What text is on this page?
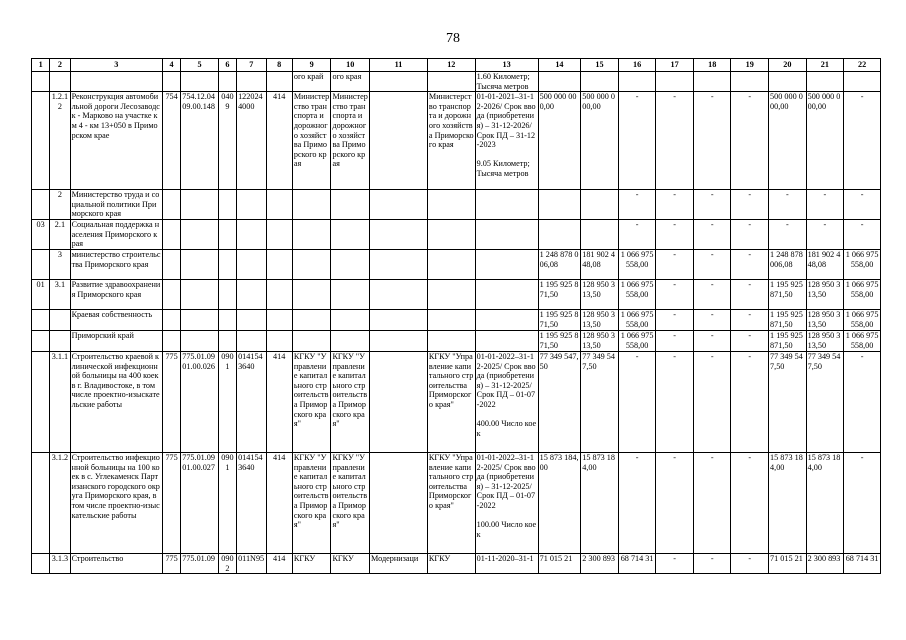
78
1	2	3	4	5	6	7	8	9	10	11	12	13	14	15	16	17	18	19	20	21	22
								ого край	ого края			1.60 Километр;
Тысяча метров									
	1.2.12	Реконструкция автомобильной дороги Лесозаводск - Марково на участке км 4 - км 13+050 в Приморском крае	754	754.12.04 09.00.148	0409	122024 4000	414	Министерство транспорта и дорожного хозяйства Приморского края	Министерство транспорта и дорожного хозяйства Приморского края		Министерство транспорта и дорожного хозяйства Приморского края	01-01-2021–31-12-2026/ Срок ввода (приобретения) – 31-12-2026/ Срок ПД – 31-12-2023

9.05 Километр;
Тысяча метров	500 000 000,00	500 000 000,00	-	-	-	-	500 000 000,00	500 000 000,00	-
	2	Министерство труда и социальной политики Приморского края													-	-	-	-	-	-	-
03	2.1	Социальная поддержка населения Приморского края													-	-	-	-	-	-	-
	3	министерство строительства Приморского края											1 248 878 006,08	181 902 448,08	1 066 975 558,00	-	-	-	1 248 878 006,08	181 902 448,08	1 066 975 558,00
01	3.1	Развитие здравоохранения Приморского края											1 195 925 871,50	128 950 313,50	1 066 975 558,00	-	-	-	1 195 925 871,50	128 950 313,50	1 066 975 558,00
		Краевая собственность											1 195 925 871,50	128 950 313,50	1 066 975 558,00	-	-	-	1 195 925 871,50	128 950 313,50	1 066 975 558,00
		Приморский край											1 195 925 871,50	128 950 313,50	1 066 975 558,00	-	-	-	1 195 925 871,50	128 950 313,50	1 066 975 558,00
	3.1.1	Строительство краевой клинической инфекционной больницы на 400 коек в г. Владивостоке, в том числе проектно-изыскательские работы	775	775.01.09 01.00.026	0901	014154 3640	414	КГКУ "Управление капитального строительства Приморского края"	КГКУ "Управление капитального строительства Приморского края"		КГКУ "Управление капитального строительства Приморского края"	01-01-2022–31-12-2025/ Срок ввода (приобретения) – 31-12-2025/ Срок ПД – 01-07-2022

400.00 Число коек	77 349 547,50	77 349 547,50	-	-	-	-	77 349 547,50	77 349 547,50	-
	3.1.2	Строительство инфекционной больницы на 100 коек в с. Углекаменск Партизанского городского округа Приморского края, в том числе проектно-изыскательские работы	775	775.01.09 01.00.027	0901	014154 3640	414	КГКУ "Управление капитального строительства Приморского края"	КГКУ "Управление капитального строительства Приморского края"		КГКУ "Управление капитального строительства Приморского края"	01-01-2022–31-12-2025/ Срок ввода (приобретения) – 31-12-2025/ Срок ПД – 01-07-2022

100.00 Число коек	15 873 184,00	15 873 184,00	-	-	-	-	15 873 184,00	15 873 184,00	-
	3.1.3	Строительство	775	775.01.09	0902	011N95	414	КГКУ	КГКУ	Модернизаци	КГКУ	01-11-2020–31-1	71 015 21	2 300 893	68 714 31	-	-	-	71 015 21	2 300 893	68 714 31
